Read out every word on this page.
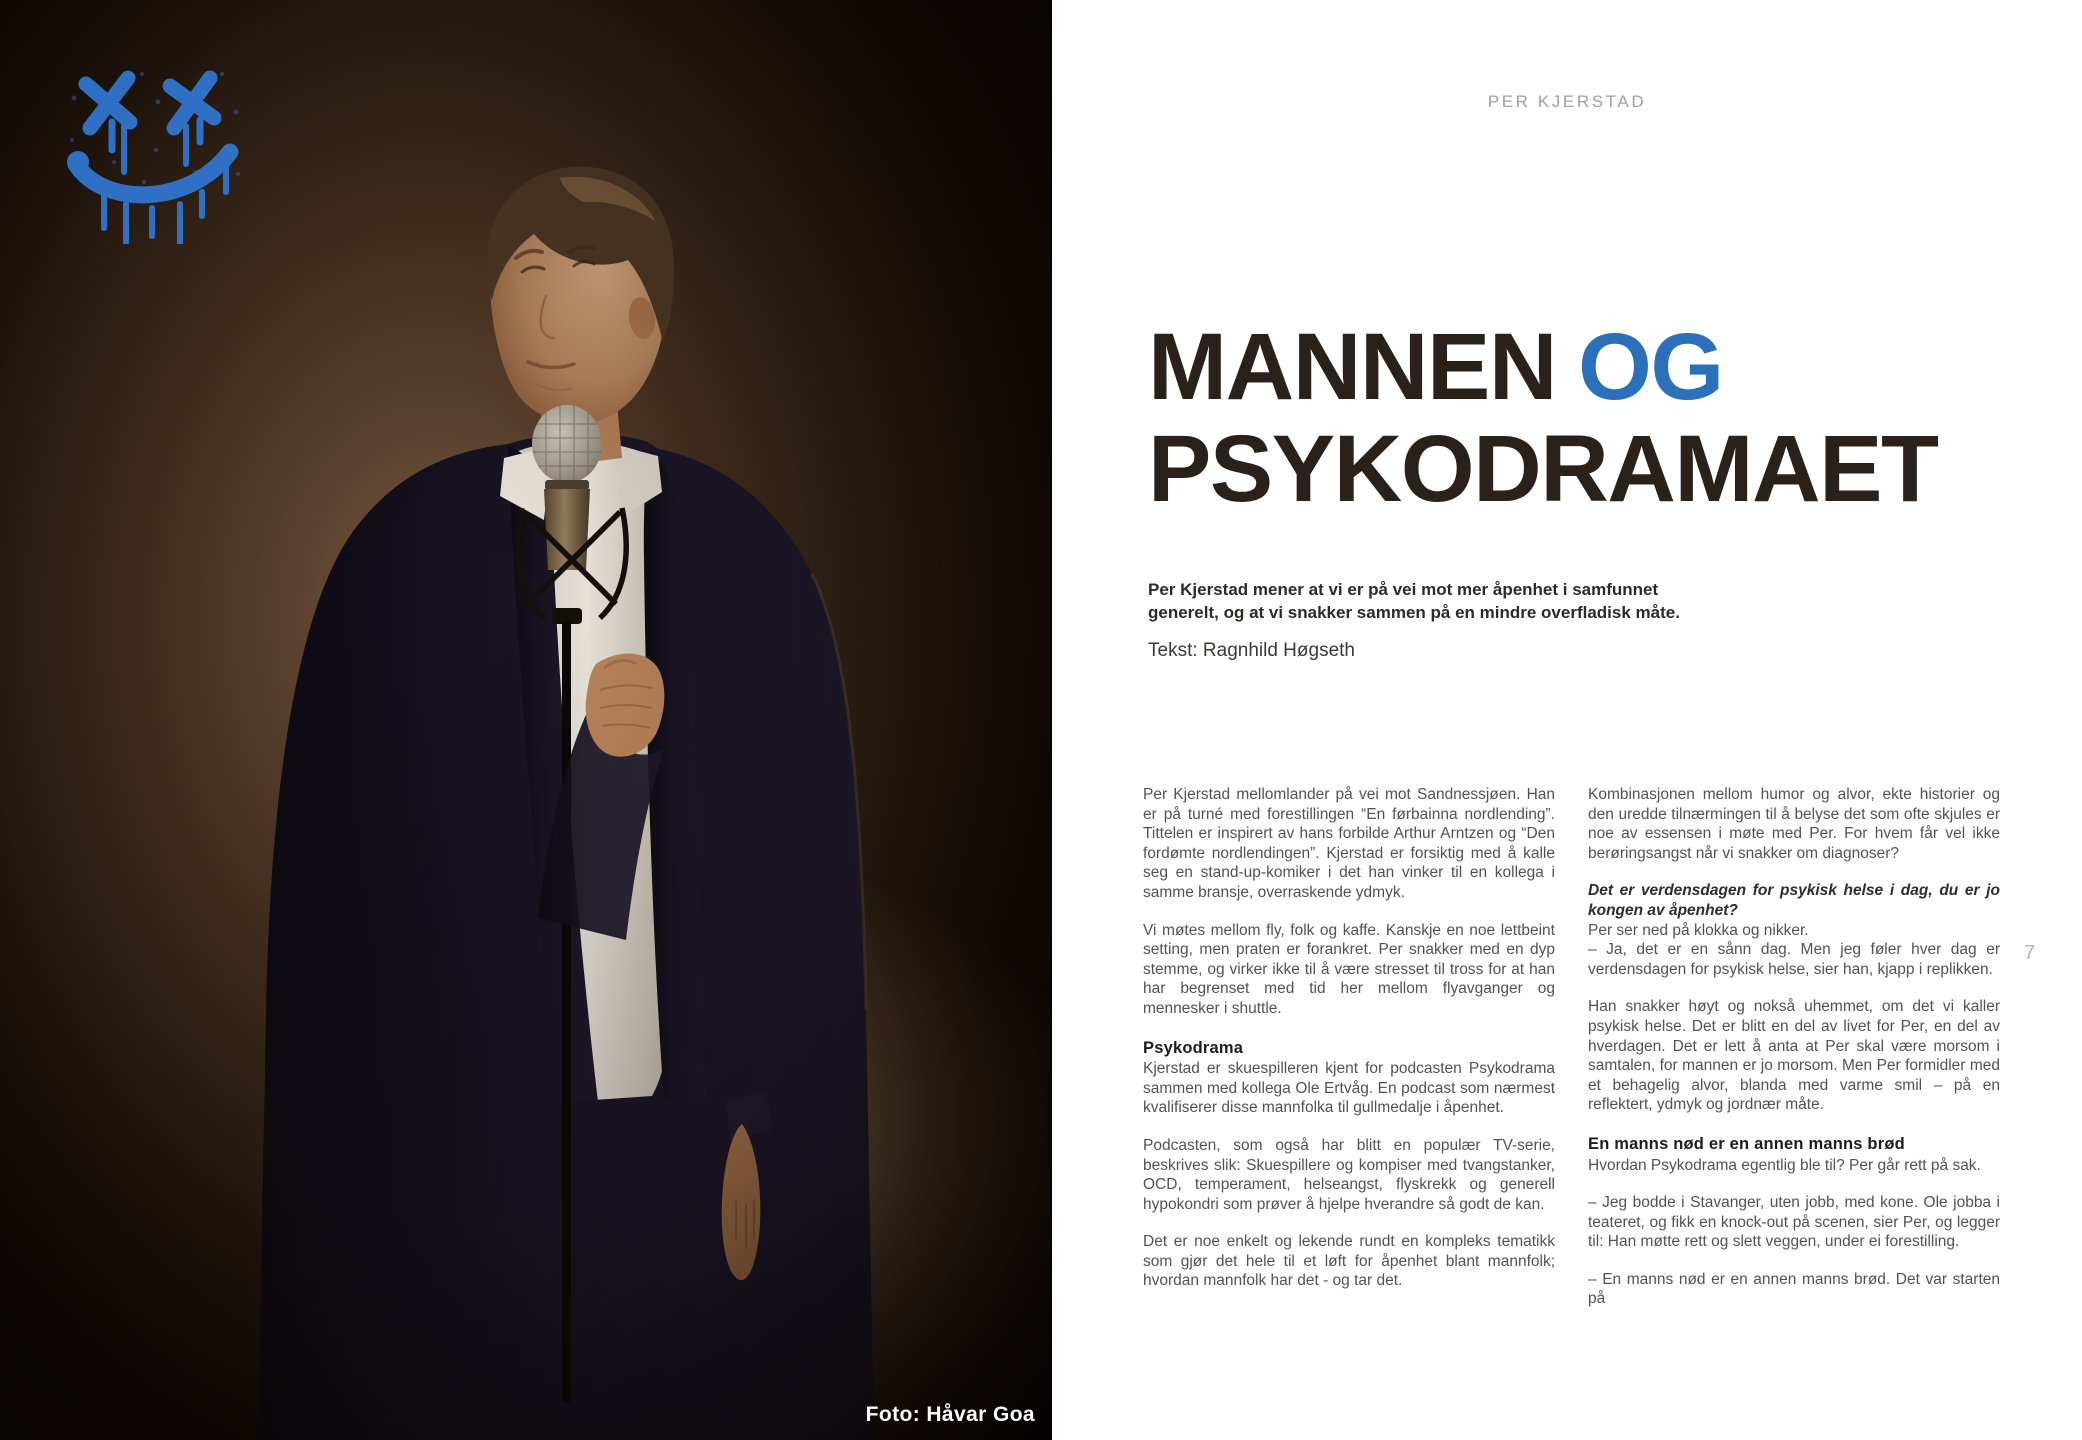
Foto: Håvar Goa
PER KJERSTAD
MANNEN OG
PSYKODRAMAET

Per Kjerstad mener at vi er på vei mot mer åpenhet i samfunnet generelt, og at vi snakker sammen på en mindre overfladisk måte.

Tekst: Ragnhild Høgseth

Per Kjerstad mellomlander på vei mot Sandnessjøen. Han er på turné med forestillingen “En førbainna nordlending”. Tittelen er inspirert av hans forbilde Arthur Arntzen og “Den fordømte nordlendingen”. Kjerstad er forsiktig med å kalle seg en stand-up-komiker i det han vinker til en kollega i samme bransje, overraskende ydmyk.

Vi møtes mellom fly, folk og kaffe. Kanskje en noe lettbeint setting, men praten er forankret. Per snakker med en dyp stemme, og virker ikke til å være stresset til tross for at han har begrenset med tid her mellom flyavganger og mennesker i shuttle.

Psykodrama

Kjerstad er skuespilleren kjent for podcasten Psykodrama sammen med kollega Ole Ertvåg. En podcast som nærmest kvalifiserer disse mannfolka til gullmedalje i åpenhet.

Podcasten, som også har blitt en populær TV-serie, beskrives slik: Skuespillere og kompiser med tvangstanker, OCD, temperament, helseangst, flyskrekk og generell hypokondri som prøver å hjelpe hverandre så godt de kan.

Det er noe enkelt og lekende rundt en kompleks tematikk som gjør det hele til et løft for åpenhet blant mannfolk; hvordan mannfolk har det - og tar det.

Kombinasjonen mellom humor og alvor, ekte historier og den uredde tilnærmingen til å belyse det som ofte skjules er noe av essensen i møte med Per. For hvem får vel ikke berøringsangst når vi snakker om diagnoser?

Det er verdensdagen for psykisk helse i dag, du er jo kongen av åpenhet?

Per ser ned på klokka og nikker.

– Ja, det er en sånn dag. Men jeg føler hver dag er verdensdagen for psykisk helse, sier han, kjapp i replikken.

Han snakker høyt og nokså uhemmet, om det vi kaller psykisk helse. Det er blitt en del av livet for Per, en del av hverdagen. Det er lett å anta at Per skal være morsom i samtalen, for mannen er jo morsom. Men Per formidler med et behagelig alvor, blanda med varme smil – på en reflektert, ydmyk og jordnær måte.

En manns nød er en annen manns brød

Hvordan Psykodrama egentlig ble til? Per går rett på sak.

– Jeg bodde i Stavanger, uten jobb, med kone. Ole jobba i teateret, og fikk en knock-out på scenen, sier Per, og legger til: Han møtte rett og slett veggen, under ei forestilling.

– En manns nød er en annen manns brød. Det var starten på

7
